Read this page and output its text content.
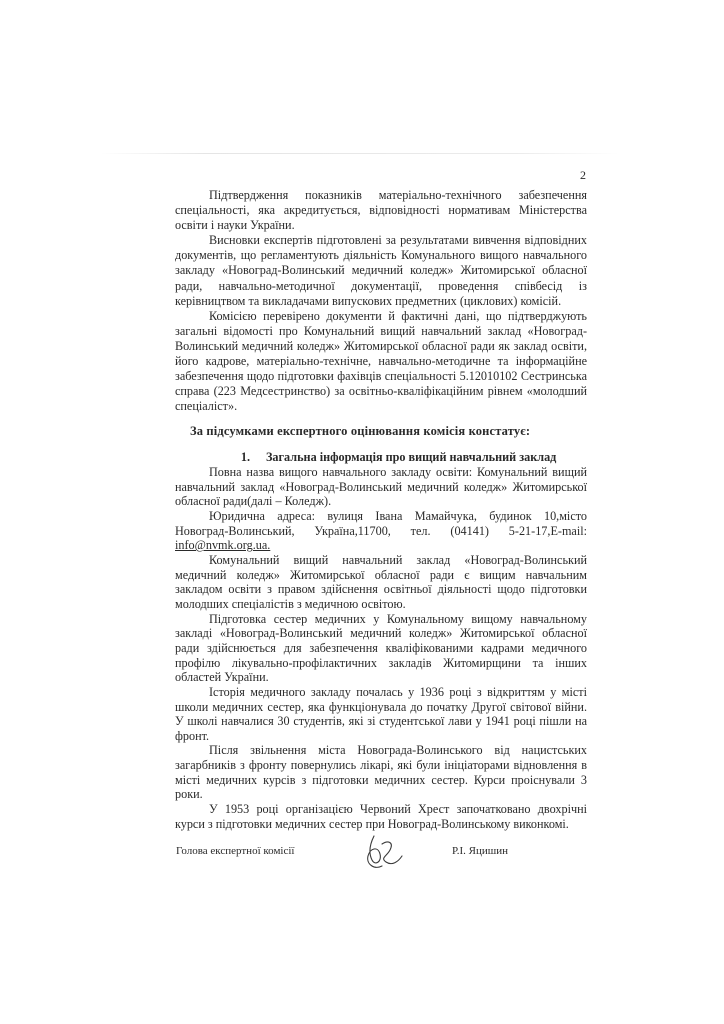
2

Підтвердження показників матеріально-технічного забезпечення спеціальності, яка акредитується, відповідності нормативам Міністерства освіти і науки України.

Висновки експертів підготовлені за результатами вивчення відповідних документів, що регламентують діяльність Комунального вищого навчального закладу «Новоград-Волинський медичний коледж» Житомирської обласної ради, навчально-методичної документації, проведення співбесід із керівництвом та викладачами випускових предметних (циклових) комісій.

Комісією перевірено документи й фактичні дані, що підтверджують загальні відомості про Комунальний вищий навчальний заклад «Новоград-Волинський медичний коледж» Житомирської обласної ради як заклад освіти, його кадрове, матеріально-технічне, навчально-методичне та інформаційне забезпечення щодо підготовки фахівців спеціальності 5.12010102 Сестринська справа (223 Медсестринство) за освітньо-кваліфікаційним рівнем «молодший спеціаліст».

За підсумками експертного оцінювання комісія констатує:
1. Загальна інформація про вищий навчальний заклад

Повна назва вищого навчального закладу освіти: Комунальний вищий навчальний заклад «Новоград-Волинський медичний коледж» Житомирської обласної ради(далі – Коледж).

Юридична адреса: вулиця Івана Мамайчука, будинок 10,місто Новоград-Волинський, Україна,11700, тел. (04141) 5-21-17,E-mail: info@nvmk.org.ua.

Комунальний вищий навчальний заклад «Новоград-Волинський медичний коледж» Житомирської обласної ради є вищим навчальним закладом освіти з правом здійснення освітньої діяльності щодо підготовки молодших спеціалістів з медичною освітою.

Підготовка сестер медичних у Комунальному вищому навчальному закладі «Новоград-Волинський медичний коледж» Житомирської обласної ради здійснюється для забезпечення кваліфікованими кадрами медичного профілю лікувально-профілактичних закладів Житомирщини та інших областей України.

Історія медичного закладу почалась у 1936 році з відкриттям у місті школи медичних сестер, яка функціонувала до початку Другої світової війни. У школі навчалися 30 студентів, які зі студентської лави у 1941 році пішли на фронт.

Після звільнення міста Новограда-Волинського від нацистських загарбників з фронту повернулись лікарі, які були ініціаторами відновлення в місті медичних курсів з підготовки медичних сестер. Курси проіснували 3 роки.

У 1953 році організацією Червоний Хрест започатковано двохрічні курси з підготовки медичних сестер при Новоград-Волинському виконкомі.

Голова експертної комісії	Р.І. Яцишин
